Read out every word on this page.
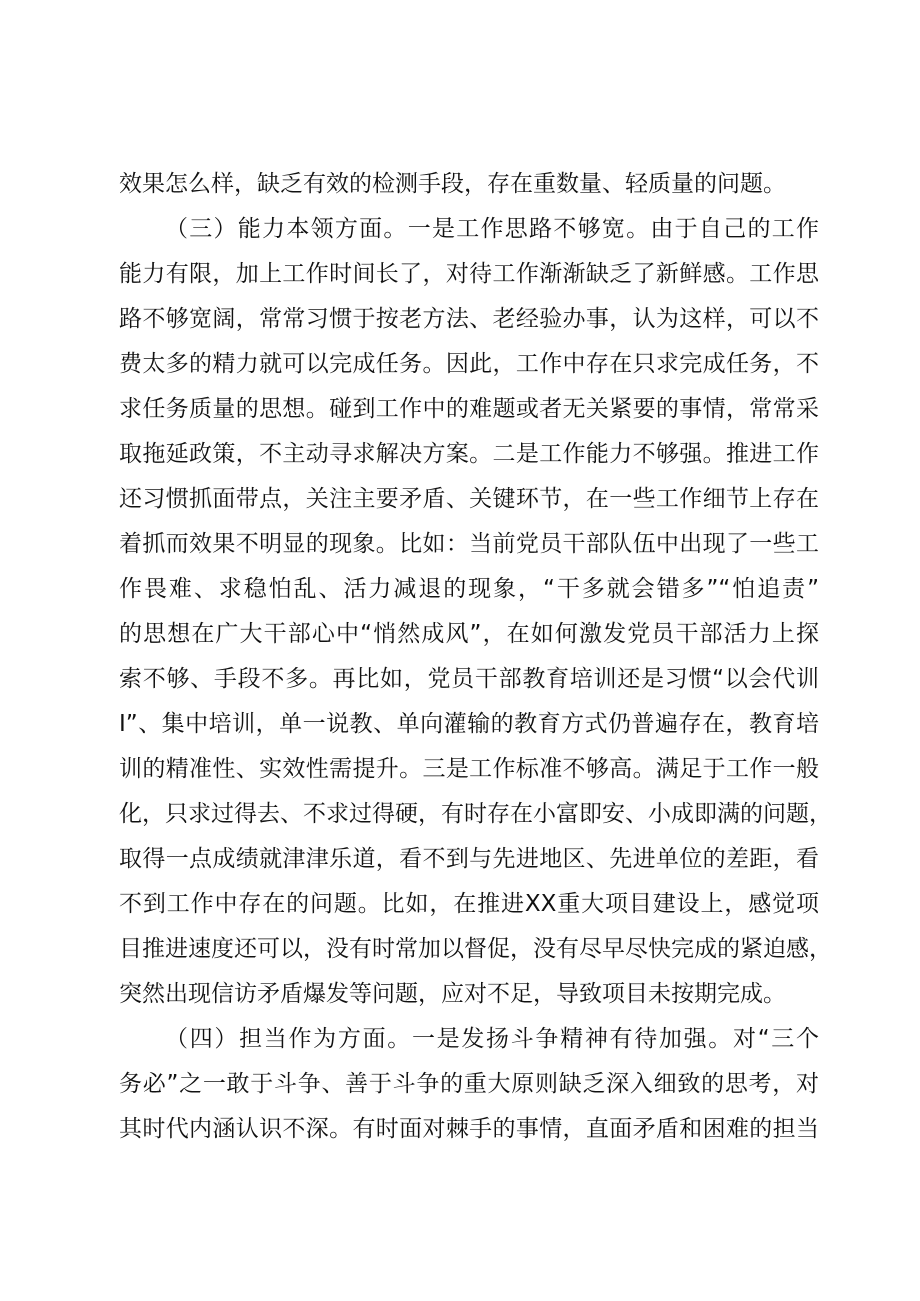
效果怎么样，缺乏有效的检测手段，存在重数量、轻质量的问题。
（三）能力本领方面。一是工作思路不够宽。由于自己的工作
能力有限，加上工作时间长了，对待工作渐渐缺乏了新鲜感。工作思
路不够宽阔，常常习惯于按老方法、老经验办事，认为这样，可以不
费太多的精力就可以完成任务。因此，工作中存在只求完成任务，不
求任务质量的思想。碰到工作中的难题或者无关紧要的事情，常常采
取拖延政策，不主动寻求解决方案。二是工作能力不够强。推进工作
还习惯抓面带点，关注主要矛盾、关键环节，在一些工作细节上存在
着抓而效果不明显的现象。比如：当前党员干部队伍中出现了一些工
作畏难、求稳怕乱、活力减退的现象，“干多就会错多”“怕追责”
的思想在广大干部心中“悄然成风”，在如何激发党员干部活力上探
索不够、手段不多。再比如，党员干部教育培训还是习惯“以会代训
I”、集中培训，单一说教、单向灌输的教育方式仍普遍存在，教育培
训的精准性、实效性需提升。三是工作标准不够高。满足于工作一般
化，只求过得去、不求过得硬，有时存在小富即安、小成即满的问题，
取得一点成绩就津津乐道，看不到与先进地区、先进单位的差距，看
不到工作中存在的问题。比如，在推进XX重大项目建设上，感觉项
目推进速度还可以，没有时常加以督促，没有尽早尽快完成的紧迫感，
突然出现信访矛盾爆发等问题，应对不足，导致项目未按期完成。
（四）担当作为方面。一是发扬斗争精神有待加强。对“三个
务必”之一敢于斗争、善于斗争的重大原则缺乏深入细致的思考，对
其时代内涵认识不深。有时面对棘手的事情，直面矛盾和困难的担当
